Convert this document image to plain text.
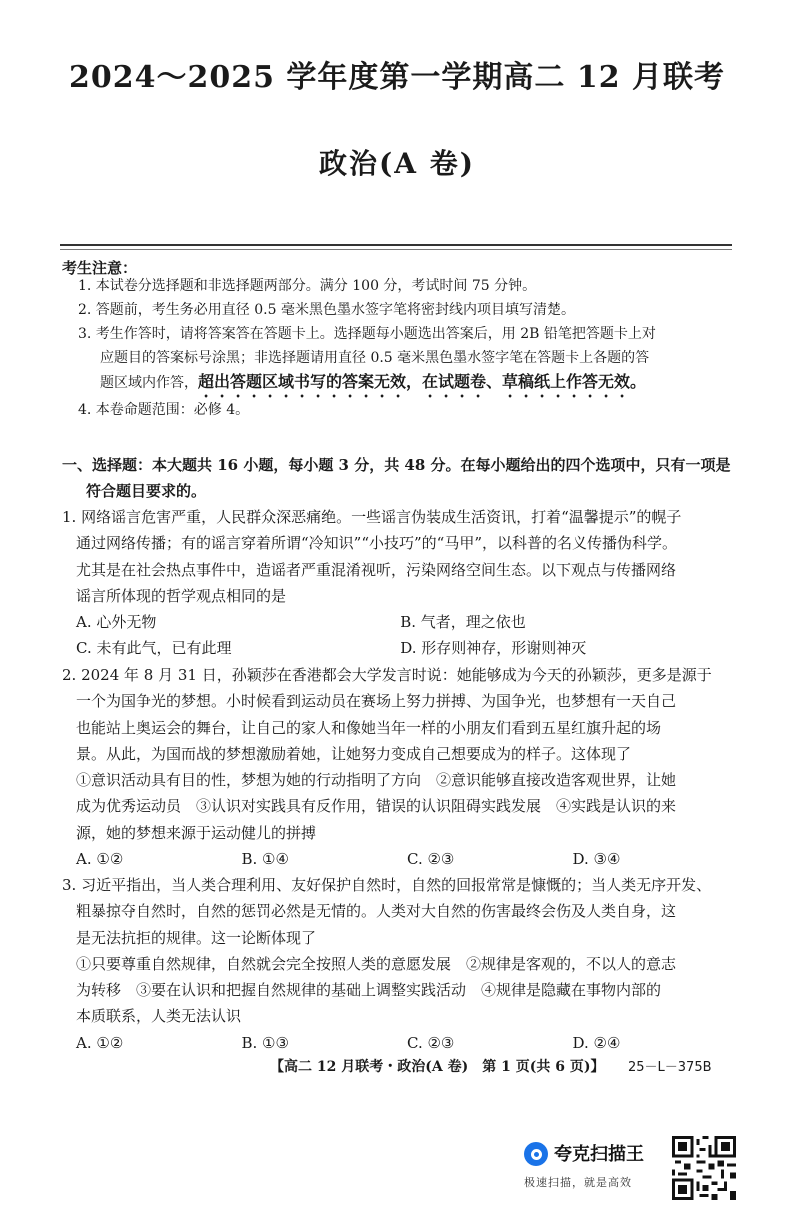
2024～2025 学年度第一学期高二 12 月联考
政治(A 卷)
考生注意：
1. 本试卷分选择题和非选择题两部分。满分 100 分，考试时间 75 分钟。
2. 答题前，考生务必用直径 0.5 毫米黑色墨水签字笔将密封线内项目填写清楚。
3. 考生作答时，请将答案答在答题卡上。选择题每小题选出答案后，用 2B 铅笔把答题卡上对
应题目的答案标号涂黑；非选择题请用直径 0.5 毫米黑色墨水签字笔在答题卡上各题的答
题区域内作答，超出答题区域书写的答案无效，在试题卷、草稿纸上作答无效。
4. 本卷命题范围：必修 4。
一、选择题：本大题共 16 小题，每小题 3 分，共 48 分。在每小题给出的四个选项中，只有一项是
符合题目要求的。
1. 网络谣言危害严重，人民群众深恶痛绝。一些谣言伪装成生活资讯，打着“温馨提示”的幌子
通过网络传播；有的谣言穿着所谓“冷知识”“小技巧”的“马甲”，以科普的名义传播伪科学。
尤其是在社会热点事件中，造谣者严重混淆视听，污染网络空间生态。以下观点与传播网络
谣言所体现的哲学观点相同的是
A. 心外无物	B. 气者，理之依也
C. 未有此气，已有此理	D. 形存则神存，形谢则神灭
2. 2024 年 8 月 31 日，孙颖莎在香港都会大学发言时说：她能够成为今天的孙颖莎，更多是源于
一个为国争光的梦想。小时候看到运动员在赛场上努力拼搏、为国争光，也梦想有一天自己
也能站上奥运会的舞台，让自己的家人和像她当年一样的小朋友们看到五星红旗升起的场
景。从此，为国而战的梦想激励着她，让她努力变成自己想要成为的样子。这体现了
①意识活动具有目的性，梦想为她的行动指明了方向　②意识能够直接改造客观世界，让她
成为优秀运动员　③认识对实践具有反作用，错误的认识阻碍实践发展　④实践是认识的来
源，她的梦想来源于运动健儿的拼搏
A. ①②	B. ①④	C. ②③	D. ③④
3. 习近平指出，当人类合理利用、友好保护自然时，自然的回报常常是慷慨的；当人类无序开发、
粗暴掠夺自然时，自然的惩罚必然是无情的。人类对大自然的伤害最终会伤及人类自身，这
是无法抗拒的规律。这一论断体现了
①只要尊重自然规律，自然就会完全按照人类的意愿发展　②规律是客观的，不以人的意志
为转移　③要在认识和把握自然规律的基础上调整实践活动　④规律是隐藏在事物内部的
本质联系，人类无法认识
A. ①②	B. ①③	C. ②③	D. ②④
【高二 12 月联考・政治(A 卷)　第 1 页(共 6 页)】 25－L－375B
夸克扫描王
极速扫描，就是高效
